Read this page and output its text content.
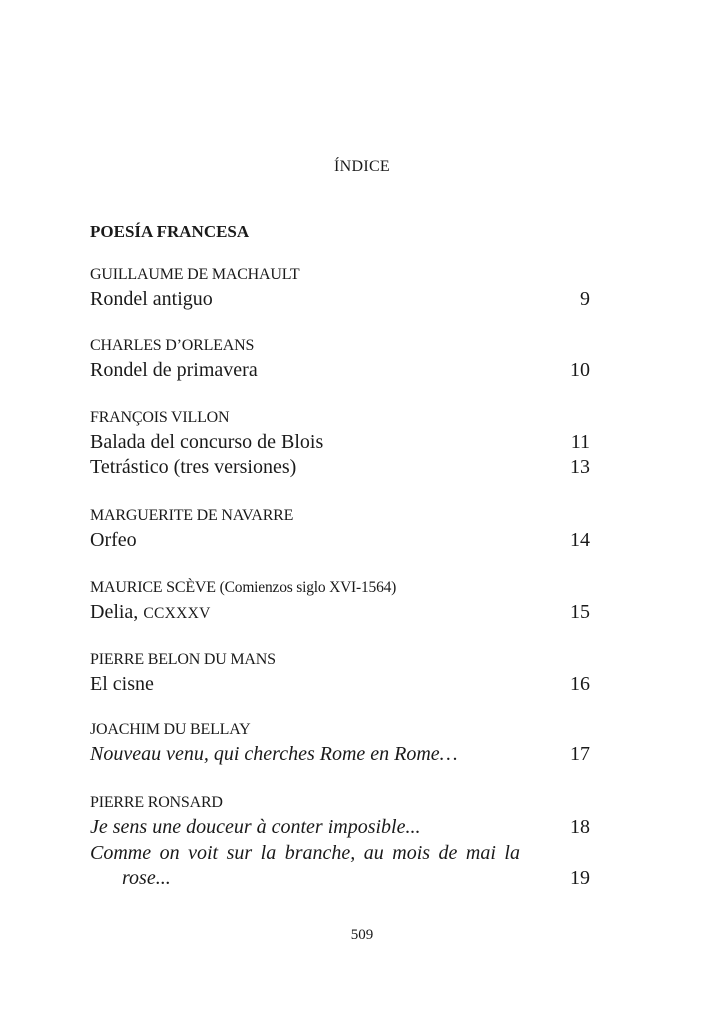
ÍNDICE
POESÍA FRANCESA
GUILLAUME DE MACHAULT
Rondel antiguo	9
CHARLES D’ORLEANS
Rondel de primavera	10
FRANÇOIS VILLON
Balada del concurso de Blois	11
Tetrástico (tres versiones)	13
MARGUERITE DE NAVARRE
Orfeo	14
MAURICE SCÈVE (Comienzos siglo XVI-1564)
Delia, CCXXXV	15
PIERRE BELON DU MANS
El cisne	16
JOACHIM DU BELLAY
Nouveau venu, qui cherches Rome en Rome…	17
PIERRE RONSARD
Je sens une douceur à conter imposible...	18
Comme on voit sur la branche, au mois de mai la
rose...	19
509
